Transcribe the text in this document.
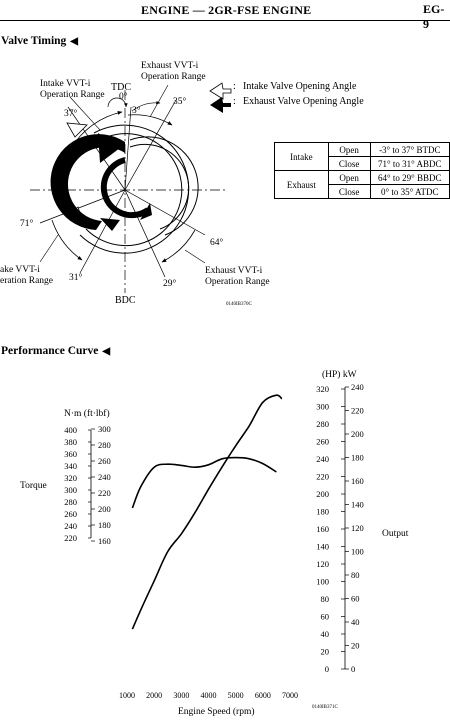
ENGINE — 2GR-FSE ENGINE	EG-9
Valve Timing ◀
TDC
0°
3°
37°
35°
71°
31°
64°
29°
BDC
Intake VVT-i
Operation Range
Exhaust VVT-i
Operation Range
ake VVT-i
eration Range
Exhaust VVT-i
Operation Range
0140IB370C
: Intake Valve Opening Angle
: Exhaust Valve Opening Angle
Intake	Open	-3° to 37° BTDC
	Close	71° to 31° ABDC
Exhaust	Open	64° to 29° BBDC
	Close	0° to 35° ATDC
Performance Curve ◀
Torque
Output
N·m (ft·lbf)
(HP) kW
Engine Speed (rpm)	0140IB371C
1000 2000 3000 4000 5000 6000 7000
220
240
260
280
300
320
340
360
380
400
160
180
200
220
240
260
280
300
0
20
40
60
80
100
120
140
160
180
200
220
240
260
280
300
320
0
20
40
60
80
100
120
140
160
180
200
220
240
